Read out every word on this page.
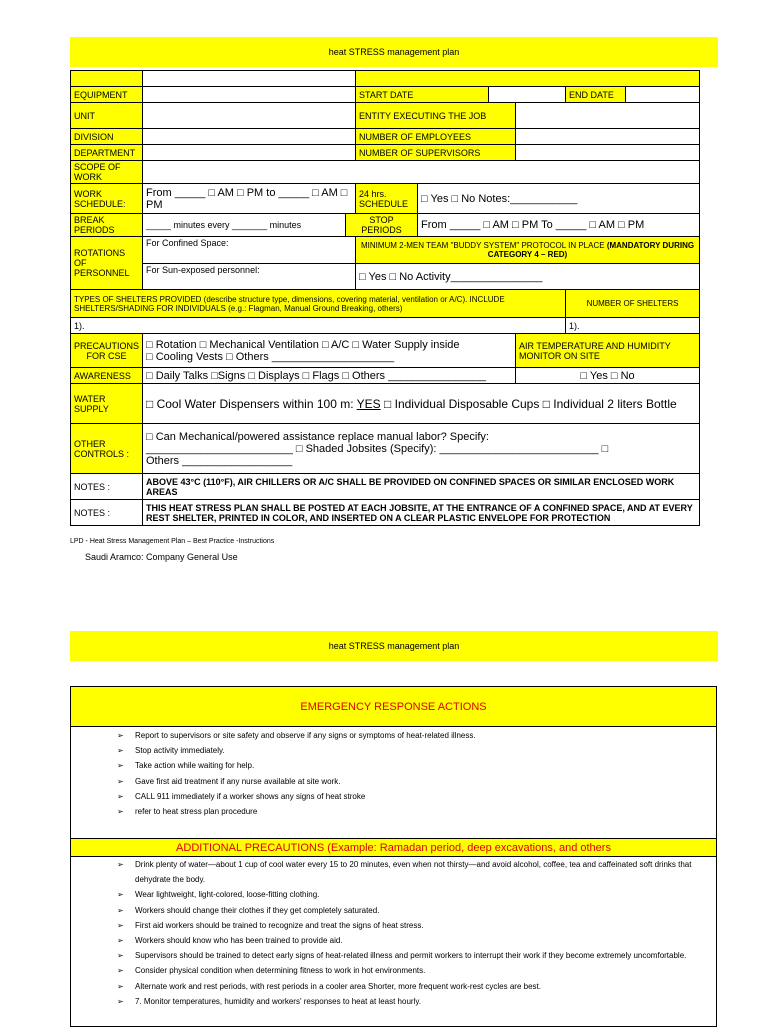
heat STRESS management plan

EQUIPMENT			START DATE				END DATE	
UNIT			ENTITY EXECUTING THE JOB					
DIVISION			NUMBER OF EMPLOYEES					
DEPARTMENT			NUMBER OF SUPERVISORS					
SCOPE OF WORK								
WORK SCHEDULE:	From _____ □ AM □ PM to _____ □ AM □ PM		24 hrs. SCHEDULE	□ Yes □ No Notes:___________				
BREAK PERIODS	_____ minutes every _______ minutes	STOP PERIODS		From _____ □ AM □ PM To _____ □ AM □ PM				
ROTATIONS OF PERSONNEL	For Confined Space:		MINIMUM 2-MEN TEAM "BUDDY SYSTEM" PROTOCOL IN PLACE (MANDATORY DURING CATEGORY 4 – RED)					
	For Sun-exposed personnel:		□ Yes □ No Activity_______________					
TYPES OF SHELTERS PROVIDED (describe structure type, dimensions, covering material, ventilation or A/C). INCLUDE SHELTERS/SHADING FOR INDIVIDUALS (e.g.: Flagman, Manual Ground Breaking, others)							NUMBER OF SHELTERS	
1).							1).	
PRECAUTIONS FOR CSE	□ Rotation □ Mechanical Ventilation □ A/C □ Water Supply inside
□ Cooling Vests □ Others ____________________					AIR TEMPERATURE AND HUMIDITY MONITOR ON SITE		
AWARENESS	□ Daily Talks □Signs □ Displays □ Flags □ Others ________________					□ Yes □ No		
WATER SUPPLY	□ Cool Water Dispensers within 100 m: YES □ Individual Disposable Cups □ Individual 2 liters Bottle							
OTHER CONTROLS :	□ Can Mechanical/powered assistance replace manual labor? Specify:
________________________ □ Shaded Jobsites (Specify): __________________________ □
Others __________________							

NOTES :	ABOVE 43°C (110°F), AIR CHILLERS OR A/C SHALL BE PROVIDED ON CONFINED SPACES OR SIMILAR ENCLOSED WORK AREAS							
NOTES :	THIS HEAT STRESS PLAN SHALL BE POSTED AT EACH JOBSITE, AT THE ENTRANCE OF A CONFINED SPACE, AND AT EVERY REST SHELTER, PRINTED IN COLOR, AND INSERTED ON A CLEAR PLASTIC ENVELOPE FOR PROTECTION							
LPD - Heat Stress Management Plan – Best Practice -Instructions
Saudi Aramco: Company General Use
heat STRESS management plan
EMERGENCY RESPONSE ACTIONS

➢ Report to supervisors or site safety and observe if any signs or symptoms of heat-related illness.
➢ Stop activity immediately.
➢ Take action while waiting for help.
➢ Gave first aid treatment if any nurse available at site work.
➢ CALL 911 immediately if a worker shows any signs of heat stroke
➢ refer to heat stress plan procedure

ADDITIONAL PRECAUTIONS (Example: Ramadan period, deep excavations, and others

➢ Drink plenty of water—about 1 cup of cool water every 15 to 20 minutes, even when not thirsty—and avoid alcohol, coffee, tea and caffeinated soft drinks that dehydrate the body.
➢ Wear lightweight, light-colored, loose-fitting clothing.
➢ Workers should change their clothes if they get completely saturated.
➢ First aid workers should be trained to recognize and treat the signs of heat stress.
➢ Workers should know who has been trained to provide aid.
➢ Supervisors should be trained to detect early signs of heat-related illness and permit workers to interrupt their work if they become extremely uncomfortable.
➢ Consider physical condition when determining fitness to work in hot environments.
➢ Alternate work and rest periods, with rest periods in a cooler area Shorter, more frequent work-rest cycles are best.
➢ 7. Monitor temperatures, humidity and workers' responses to heat at least hourly.
